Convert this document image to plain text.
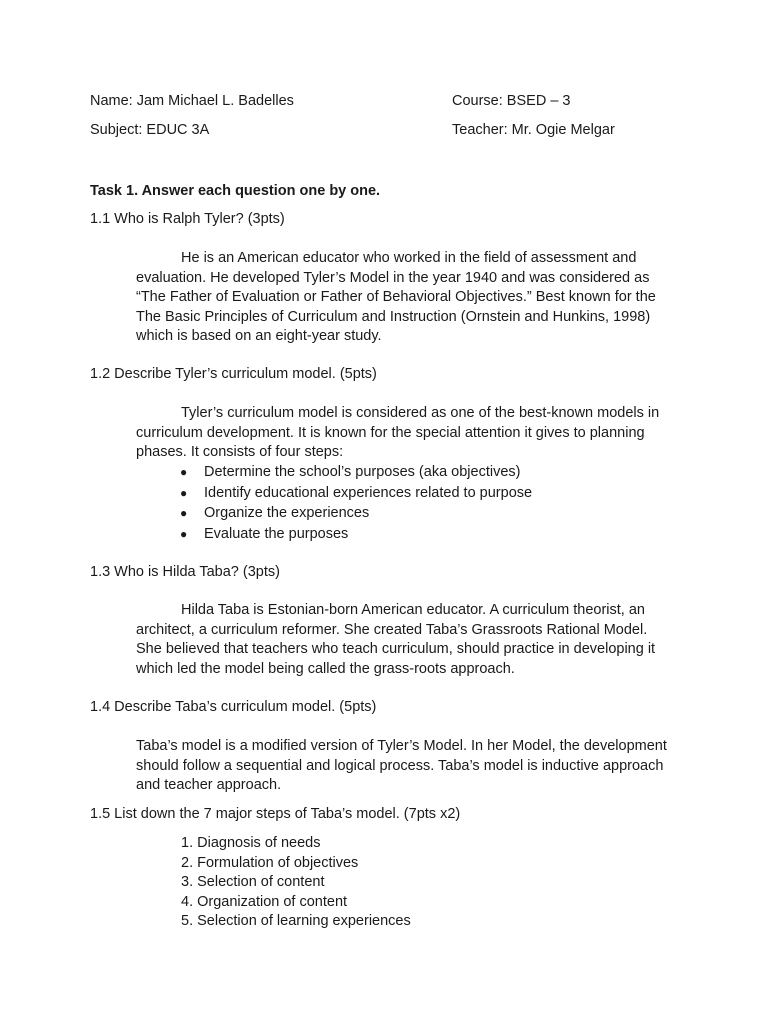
Name: Jam Michael L. Badelles	Course: BSED – 3
Subject: EDUC 3A	Teacher: Mr. Ogie Melgar
Task 1. Answer each question one by one.
1.1 Who is Ralph Tyler? (3pts)
He is an American educator who worked in the field of assessment and evaluation. He developed Tyler’s Model in the year 1940 and was considered as “The Father of Evaluation or Father of Behavioral Objectives.” Best known for the The Basic Principles of Curriculum and Instruction (Ornstein and Hunkins, 1998) which is based on an eight-year study.
1.2 Describe Tyler’s curriculum model. (5pts)
Tyler’s curriculum model is considered as one of the best-known models in curriculum development. It is known for the special attention it gives to planning phases. It consists of four steps:
● Determine the school’s purposes (aka objectives)
● Identify educational experiences related to purpose
● Organize the experiences
● Evaluate the purposes
1.3 Who is Hilda Taba? (3pts)
Hilda Taba is Estonian-born American educator. A curriculum theorist, an architect, a curriculum reformer. She created Taba’s Grassroots Rational Model. She believed that teachers who teach curriculum, should practice in developing it which led the model being called the grass-roots approach.
1.4 Describe Taba’s curriculum model. (5pts)
Taba’s model is a modified version of Tyler’s Model. In her Model, the development should follow a sequential and logical process. Taba’s model is inductive approach and teacher approach.
1.5 List down the 7 major steps of Taba’s model. (7pts x2)
1. Diagnosis of needs
2. Formulation of objectives
3. Selection of content
4. Organization of content
5. Selection of learning experiences
